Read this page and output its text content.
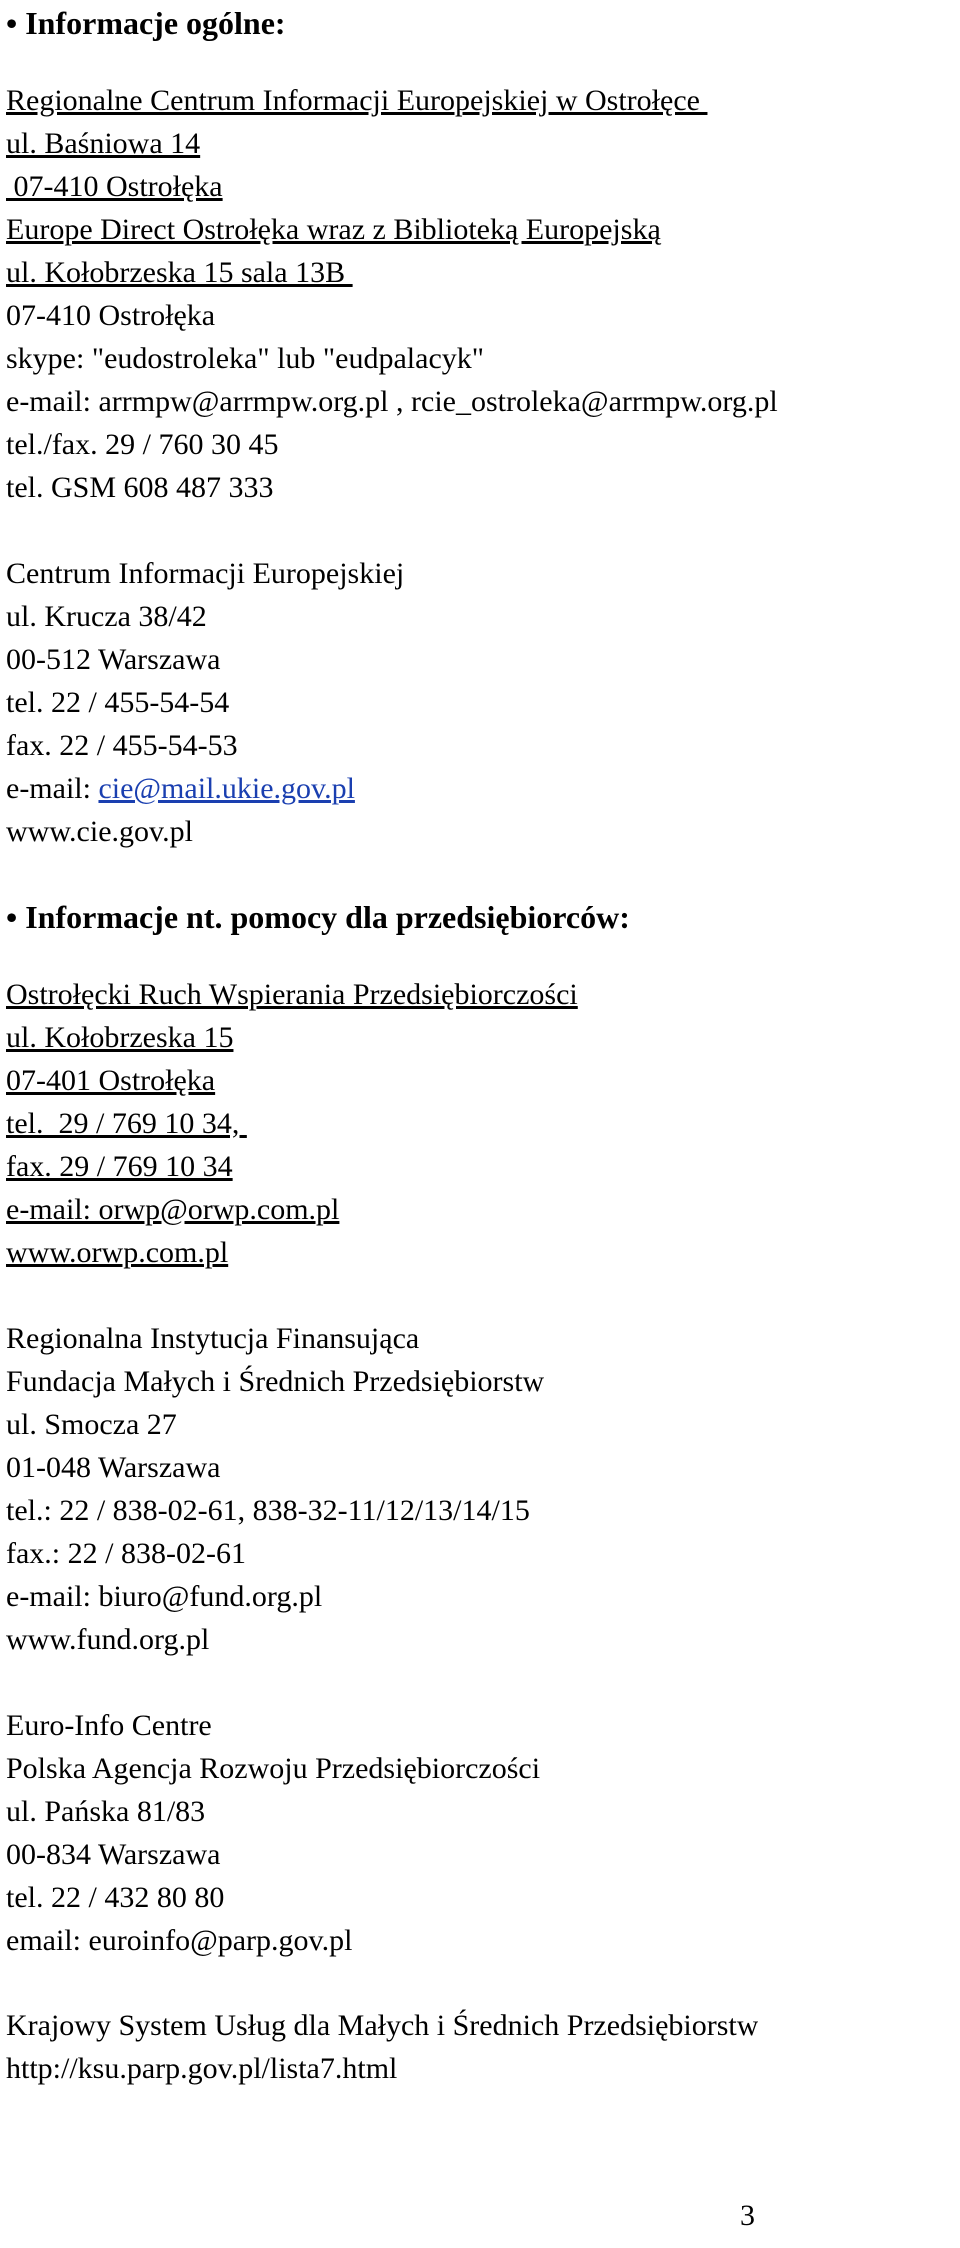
• Informacje ogólne:
Regionalne Centrum Informacji Europejskiej w Ostrołęce
ul. Baśniowa 14
07-410 Ostrołęka
Europe Direct Ostrołęka wraz z Biblioteką Europejską
ul. Kołobrzeska 15 sala 13B
07-410 Ostrołęka
skype: "eudostroleka" lub "eudpalacyk"
e-mail: arrmpw@arrmpw.org.pl , rcie_ostroleka@arrmpw.org.pl
tel./fax. 29 / 760 30 45
tel. GSM 608 487 333
Centrum Informacji Europejskiej
ul. Krucza 38/42
00-512 Warszawa
tel. 22 / 455-54-54
fax. 22 / 455-54-53
e-mail: cie@mail.ukie.gov.pl
www.cie.gov.pl
• Informacje nt. pomocy dla przedsiębiorców:
Ostrołęcki Ruch Wspierania Przedsiębiorczości
ul. Kołobrzeska 15
07-401 Ostrołęka
tel.  29 / 769 10 34,
fax. 29 / 769 10 34
e-mail: orwp@orwp.com.pl
www.orwp.com.pl
Regionalna Instytucja Finansująca
Fundacja Małych i Średnich Przedsiębiorstw
ul. Smocza 27
01-048 Warszawa
tel.: 22 / 838-02-61, 838-32-11/12/13/14/15
fax.: 22 / 838-02-61
e-mail: biuro@fund.org.pl
www.fund.org.pl
Euro-Info Centre
Polska Agencja Rozwoju Przedsiębiorczości
ul. Pańska 81/83
00-834 Warszawa
tel. 22 / 432 80 80
email: euroinfo@parp.gov.pl
Krajowy System Usług dla Małych i Średnich Przedsiębiorstw
http://ksu.parp.gov.pl/lista7.html
3
